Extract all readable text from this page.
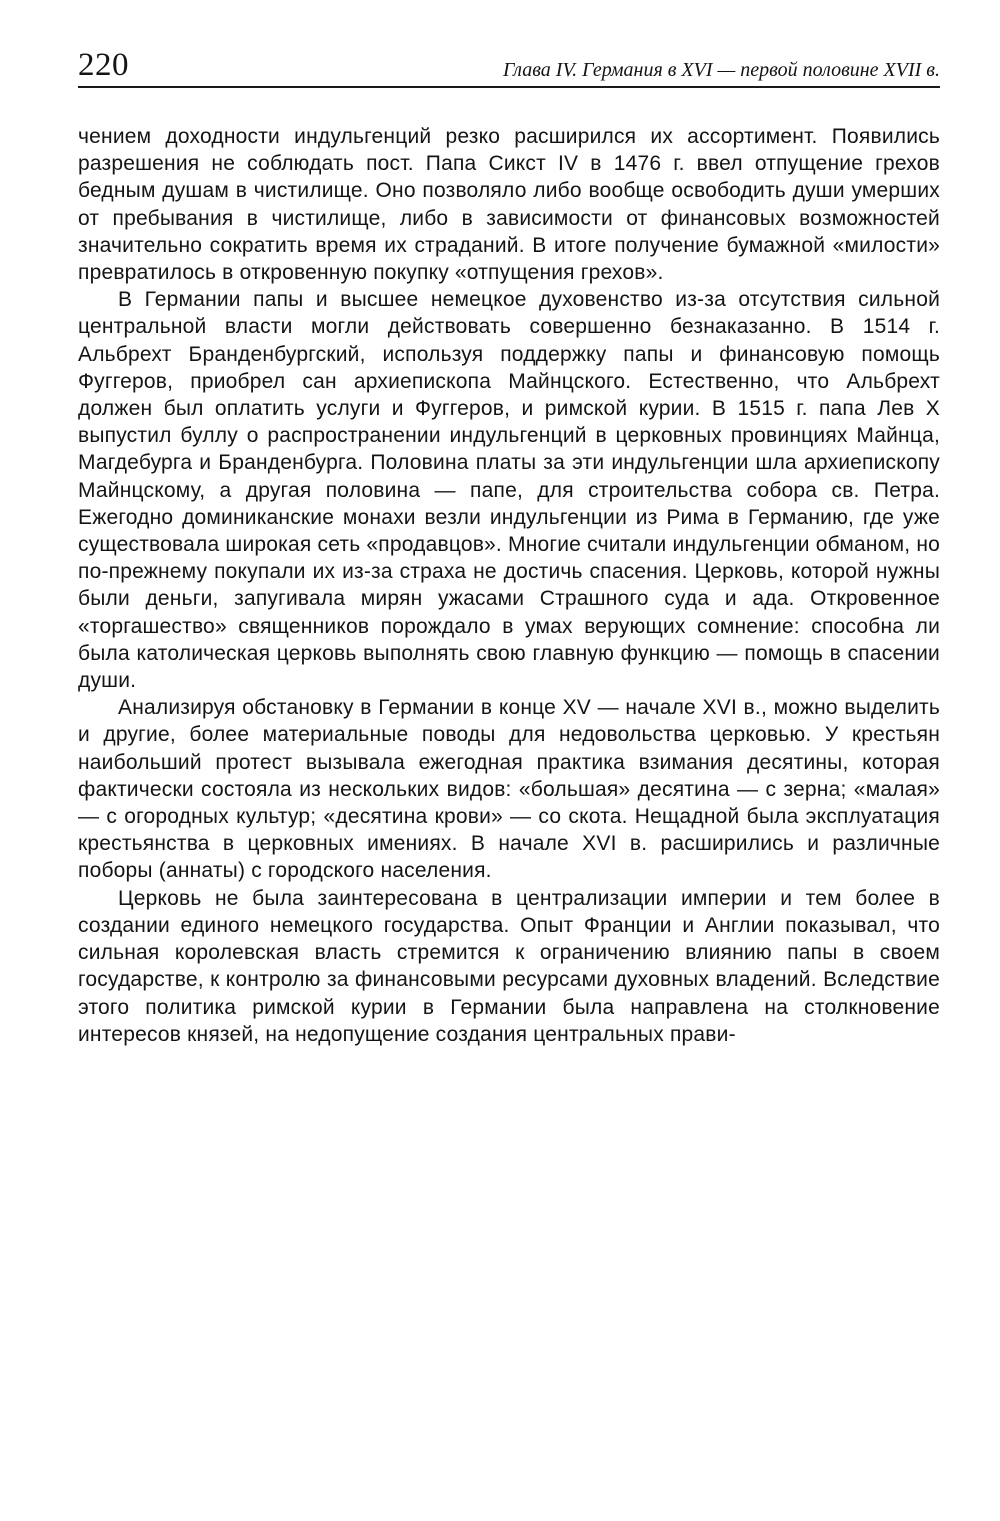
220	Глава IV. Германия в XVI — первой половине XVII в.

чением доходности индульгенций резко расширился их ассортимент. Появились разрешения не соблюдать пост. Папа Сикст IV в 1476 г. ввел отпущение грехов бедным душам в чистилище. Оно позволяло либо вообще освободить души умерших от пребывания в чистилище, либо в зависимости от финансовых возможностей значительно сократить время их страданий. В итоге получение бумажной «милости» превратилось в откровенную покупку «отпущения грехов».

В Германии папы и высшее немецкое духовенство из-за отсутствия сильной центральной власти могли действовать совершенно безнаказанно. В 1514 г. Альбрехт Бранденбургский, используя поддержку папы и финансовую помощь Фуггеров, приобрел сан архиепископа Майнцского. Естественно, что Альбрехт должен был оплатить услуги и Фуггеров, и римской курии. В 1515 г. папа Лев X выпустил буллу о распространении индульгенций в церковных провинциях Майнца, Магдебурга и Бранденбурга. Половина платы за эти индульгенции шла архиепископу Майнцскому, а другая половина — папе, для строительства собора св. Петра. Ежегодно доминиканские монахи везли индульгенции из Рима в Германию, где уже существовала широкая сеть «продавцов». Многие считали индульгенции обманом, но по-прежнему покупали их из-за страха не достичь спасения. Церковь, которой нужны были деньги, запугивала мирян ужасами Страшного суда и ада. Откровенное «торгашество» священников порождало в умах верующих сомнение: способна ли была католическая церковь выполнять свою главную функцию — помощь в спасении души.

Анализируя обстановку в Германии в конце XV — начале XVI в., можно выделить и другие, более материальные поводы для недовольства церковью. У крестьян наибольший протест вызывала ежегодная практика взимания десятины, которая фактически состояла из нескольких видов: «большая» десятина — с зерна; «малая» — с огородных культур; «десятина крови» — со скота. Нещадной была эксплуатация крестьянства в церковных имениях. В начале XVI в. расширились и различные поборы (аннаты) с городского населения.

Церковь не была заинтересована в централизации империи и тем более в создании единого немецкого государства. Опыт Франции и Англии показывал, что сильная королевская власть стремится к ограничению влиянию папы в своем государстве, к контролю за финансовыми ресурсами духовных владений. Вследствие этого политика римской курии в Германии была направлена на столкновение интересов князей, на недопущение создания центральных прави-
